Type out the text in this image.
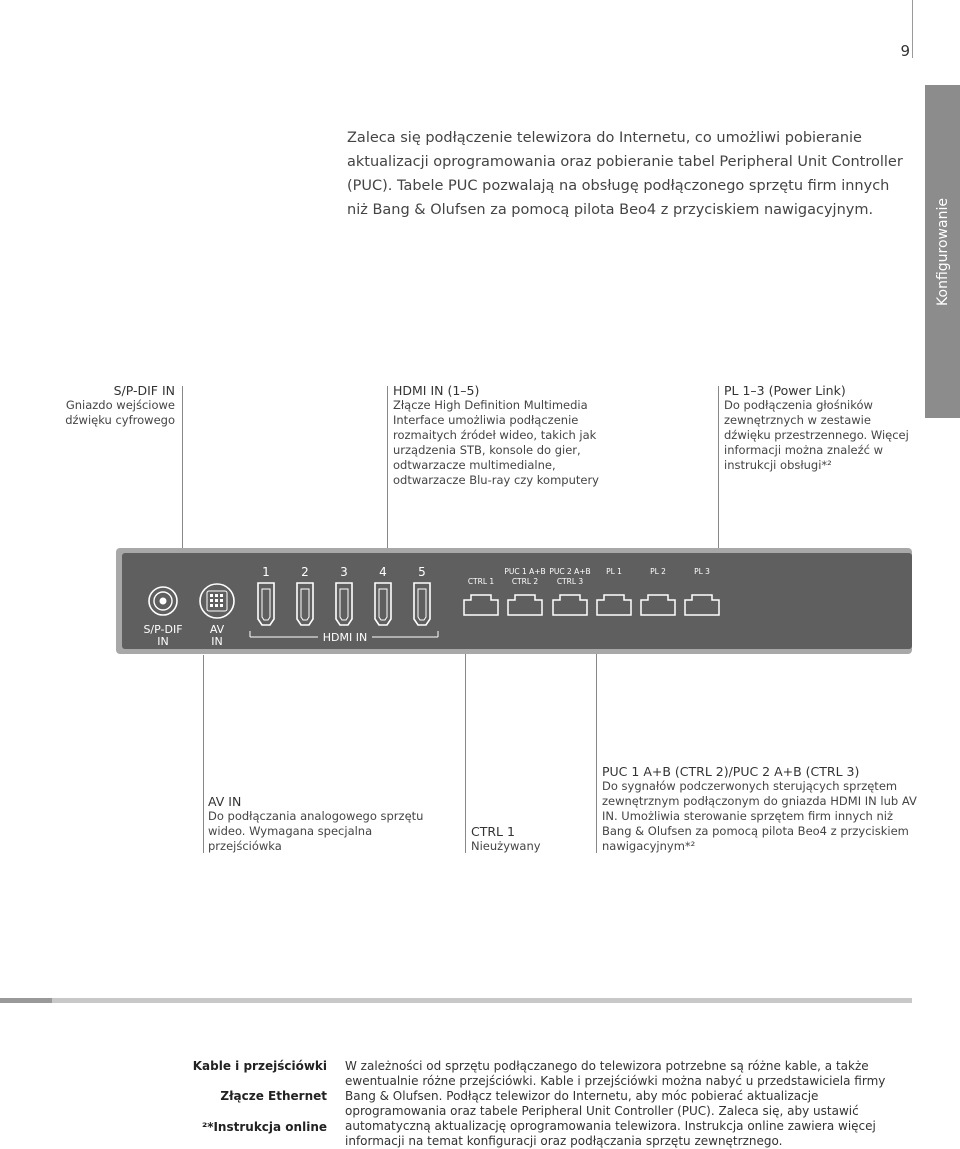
9
Konfigurowanie
Zaleca się podłączenie telewizora do Internetu, co umożliwi pobieranie aktualizacji oprogramowania oraz pobieranie tabel Peripheral Unit Controller (PUC). Tabele PUC pozwalają na obsługę podłączonego sprzętu firm innych niż Bang & Olufsen za pomocą pilota Beo4 z przyciskiem nawigacyjnym.
S/P-DIF IN
Gniazdo wejściowe dźwięku cyfrowego
HDMI IN (1–5)
Złącze High Definition Multimedia Interface umożliwia podłączenie rozmaitych źródeł wideo, takich jak urządzenia STB, konsole do gier, odtwarzacze multimedialne, odtwarzacze Blu-ray czy komputery
PL 1–3 (Power Link)
Do podłączenia głośników zewnętrznych w zestawie dźwięku przestrzennego. Więcej informacji można znaleźć w instrukcji obsługi*²
S/P-DIF
IN
AV
IN
1	2	3	4	5
HDMI IN
CTRL 1
PUC 1 A+B
CTRL 2
PUC 2 A+B
CTRL 3
PL 1	PL 2	PL 3
AV IN
Do podłączania analogowego sprzętu wideo. Wymagana specjalna przejściówka
CTRL 1
Nieużywany
PUC 1 A+B (CTRL 2)/PUC 2 A+B (CTRL 3)
Do sygnałów podczerwonych sterujących sprzętem zewnętrznym podłączonym do gniazda HDMI IN lub AV IN. Umożliwia sterowanie sprzętem firm innych niż Bang & Olufsen za pomocą pilota Beo4 z przyciskiem nawigacyjnym*²
Kable i przejściówki
Złącze Ethernet
²*Instrukcja online
W zależności od sprzętu podłączanego do telewizora potrzebne są różne kable, a także ewentualnie różne przejściówki. Kable i przejściówki można nabyć u przedstawiciela firmy Bang & Olufsen. Podłącz telewizor do Internetu, aby móc pobierać aktualizacje oprogramowania oraz tabele Peripheral Unit Controller (PUC). Zaleca się, aby ustawić automatyczną aktualizację oprogramowania telewizora. Instrukcja online zawiera więcej informacji na temat konfiguracji oraz podłączania sprzętu zewnętrznego.
